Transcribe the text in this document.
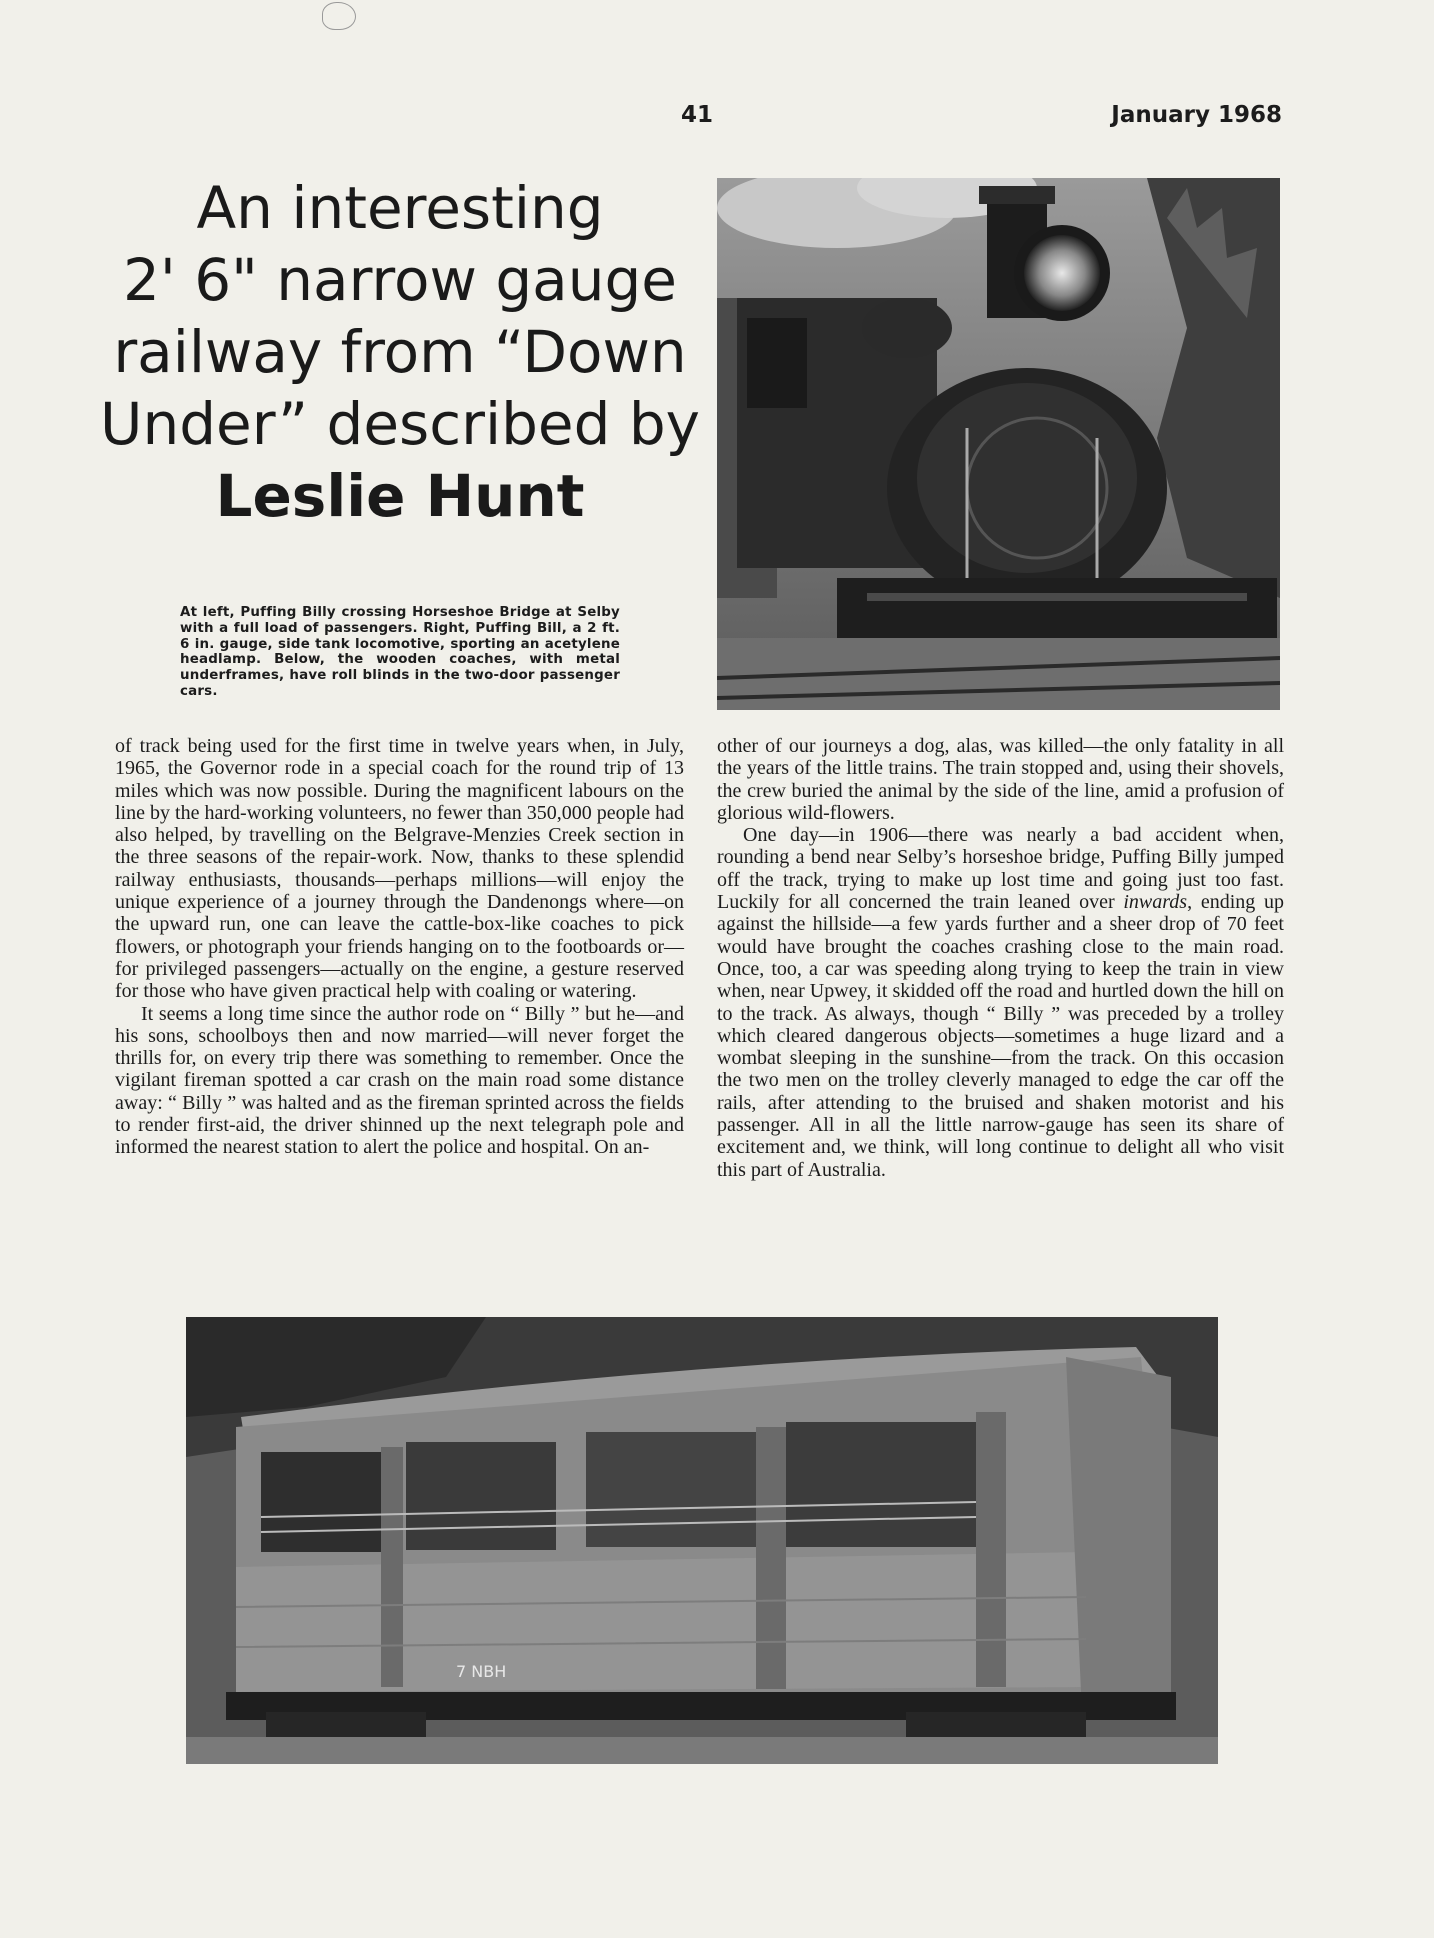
41	January 1968
An interesting
2' 6" narrow gauge
railway from “Down
Under” described by
Leslie Hunt
At left, Puffing Billy crossing Horseshoe Bridge at Selby with a full load of passengers. Right, Puffing Bill, a 2 ft. 6 in. gauge, side tank locomotive, sporting an acetylene headlamp. Below, the wooden coaches, with metal underframes, have roll blinds in the two-door passenger cars.

of track being used for the first time in twelve years when, in July, 1965, the Governor rode in a special coach for the round trip of 13 miles which was now possible. During the magnificent labours on the line by the hard-working volunteers, no fewer than 350,000 people had also helped, by travelling on the Belgrave-Menzies Creek section in the three seasons of the repair-work. Now, thanks to these splendid railway enthusiasts, thousands—perhaps millions—will enjoy the unique experience of a journey through the Dandenongs where—on the upward run, one can leave the cattle-box-like coaches to pick flowers, or photograph your friends hanging on to the footboards or—for privileged passengers—actually on the engine, a gesture reserved for those who have given practical help with coaling or watering.

It seems a long time since the author rode on “ Billy ” but he—and his sons, schoolboys then and now married—will never forget the thrills for, on every trip there was something to remember. Once the vigilant fireman spotted a car crash on the main road some distance away: “ Billy ” was halted and as the fireman sprinted across the fields to render first-aid, the driver shinned up the next telegraph pole and informed the nearest station to alert the police and hospital. On an-

other of our journeys a dog, alas, was killed—the only fatality in all the years of the little trains. The train stopped and, using their shovels, the crew buried the animal by the side of the line, amid a profusion of glorious wild-flowers.

One day—in 1906—there was nearly a bad accident when, rounding a bend near Selby’s horseshoe bridge, Puffing Billy jumped off the track, trying to make up lost time and going just too fast. Luckily for all concerned the train leaned over inwards, ending up against the hillside—a few yards further and a sheer drop of 70 feet would have brought the coaches crashing close to the main road. Once, too, a car was speeding along trying to keep the train in view when, near Upwey, it skidded off the road and hurtled down the hill on to the track. As always, though “ Billy ” was preceded by a trolley which cleared dangerous objects—sometimes a huge lizard and a wombat sleeping in the sunshine—from the track. On this occasion the two men on the trolley cleverly managed to edge the car off the rails, after attending to the bruised and shaken motorist and his passenger. All in all the little narrow-gauge has seen its share of excitement and, we think, will long continue to delight all who visit this part of Australia.

7 NBH
